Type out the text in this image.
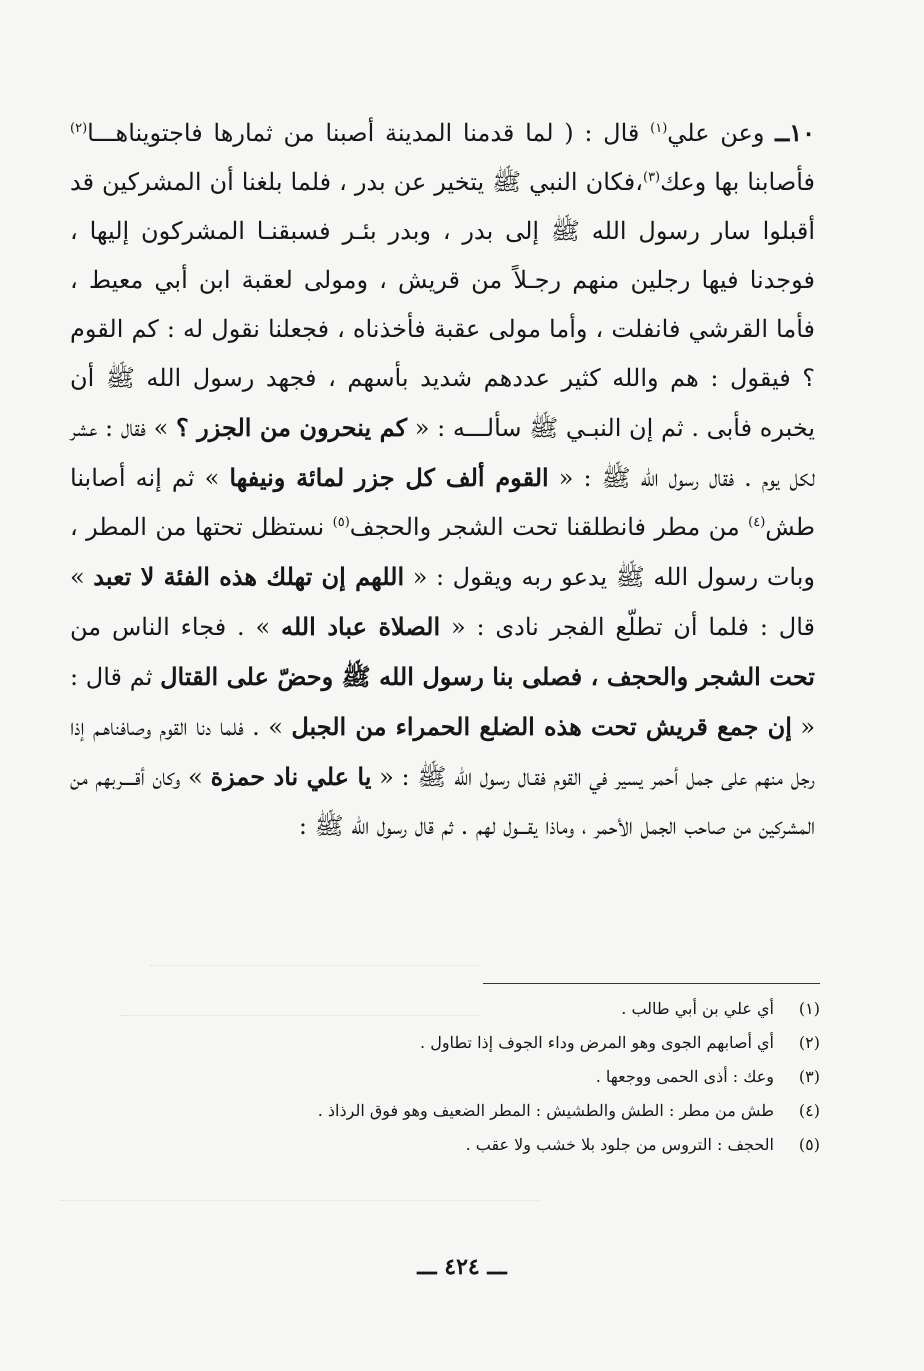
١٠ــ وعن علي$^{(١)}$ قال : ( لما قدمنا المدينة أصبنا من ثمارها فاجتويناهـــا$^{(٢)}$ فأصابنا بها وعك$^{(٣)}$،فكان النبي ﷺ يتخير عن بدر ، فلما بلغنا أن المشركين قد أقبلوا سار رسول الله ﷺ إلى بدر ، وبدر بئـر فسبقنـا المشركون إليها ، فوجدنا فيها رجلين منهم رجـلاً من قريش ، ومولى لعقبة ابن أبي معيط ، فأما القرشي فانفلت ، وأما مولى عقبة فأخذناه ، فجعلنا نقول له : كم القوم ؟ فيقول : هم والله كثير عددهم شديد بأسهم ، فجهد رسول الله ﷺ أن يخبره فأبى . ثم إن النبـي ﷺ سألـــه : « كم ينحرون من الجزر ؟ » فقال : عشر لكل يوم . فقال رسول الله ﷺ : « القوم ألف كل جزر لمائة ونيفها » ثم إنه أصابنا طش$^{(٤)}$ من مطر فانطلقنا تحت الشجر والحجف$^{(٥)}$ نستظل تحتها من المطر ، وبات رسول الله ﷺ يدعو ربه ويقول : « اللهم إن تهلك هذه الفئة لا تعبد » قال : فلما أن تطلّع الفجر نادى : « الصلاة عباد الله » . فجاء الناس من تحت الشجر والحجف ، فصلى بنا رسول الله ﷺ وحضّ على القتال ثم قال : « إن جمع قريش تحت هذه الضلع الحمراء من الجبل » . فلما دنا القوم وصافناهـم إذا رجل منهم على جمل أحمر يسير في القوم فقـال رسول الله ﷺ : « يا علي ناد حمزة » وكان أقــــربهم من المشركين من صاحب الجمل الأحمر ، وماذا يقـــول لهم . ثم قال رسول الله ﷺ :

(١)
أي علي بن أبي طالب .
(٢)
أي أصابهم الجوى وهو المرض وداء الجوف إذا تطاول .
(٣)
وعك : أذى الحمى ووجعها .
(٤)
طش من مطر : الطش والطشيش : المطر الضعيف وهو فوق الرذاذ .
(٥)
الحجف : التروس من جلود بلا خشب ولا عقب .
ـــ ٤٢٤ ـــ
